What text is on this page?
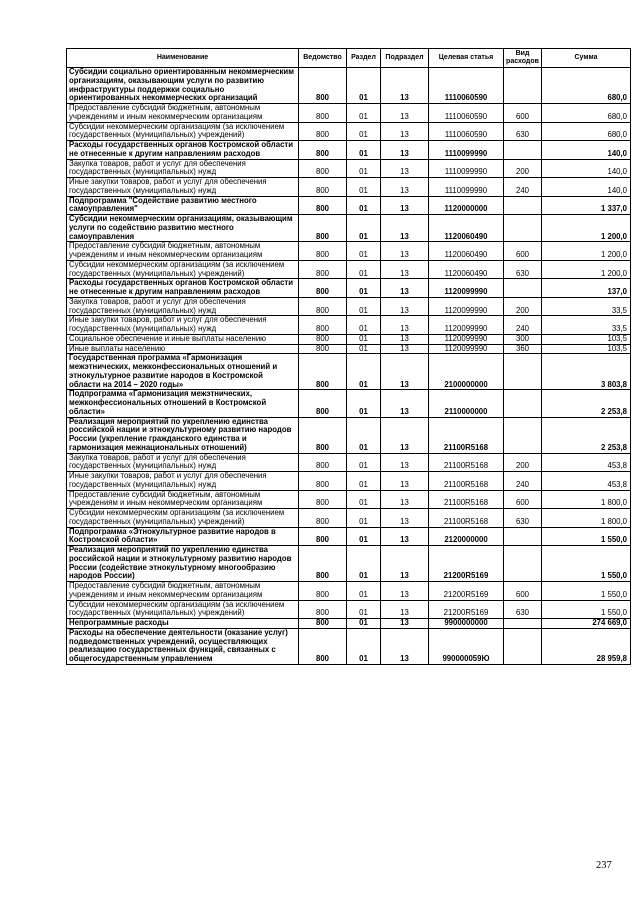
Наименование	Ведомство	Раздел	Подраздел	Целевая статья	Вид расходов	Сумма
Субсидии социально ориентированным некоммерческим организациям, оказывающим услуги по развитию инфраструктуры поддержки социально ориентированных некоммерческих организаций	800	01	13	1110060590		680,0
Предоставление субсидий бюджетным, автономным учреждениям и иным некоммерческим организациям	800	01	13	1110060590	600	680,0
Субсидии некоммерческим организациям (за исключением государственных (муниципальных) учреждений)	800	01	13	1110060590	630	680,0
Расходы государственных органов Костромской области не отнесенные к другим направлениям расходов	800	01	13	1110099990		140,0
Закупка товаров, работ и услуг для обеспечения государственных (муниципальных) нужд	800	01	13	1110099990	200	140,0
Иные закупки товаров, работ и услуг для обеспечения государственных (муниципальных) нужд	800	01	13	1110099990	240	140,0
Подпрограмма "Содействие развитию местного самоуправления"	800	01	13	1120000000		1 337,0
Субсидии некоммерческим организациям, оказывающим услуги по содействию развитию местного самоуправления	800	01	13	1120060490		1 200,0
Предоставление субсидий бюджетным, автономным учреждениям и иным некоммерческим организациям	800	01	13	1120060490	600	1 200,0
Субсидии некоммерческим организациям (за исключением государственных (муниципальных) учреждений)	800	01	13	1120060490	630	1 200,0
Расходы государственных органов Костромской области не отнесенные к другим направлениям расходов	800	01	13	1120099990		137,0
Закупка товаров, работ и услуг для обеспечения государственных (муниципальных) нужд	800	01	13	1120099990	200	33,5
Иные закупки товаров, работ и услуг для обеспечения государственных (муниципальных) нужд	800	01	13	1120099990	240	33,5
Социальное обеспечение и иные выплаты населению	800	01	13	1120099990	300	103,5
Иные выплаты населению	800	01	13	1120099990	360	103,5
Государственная программа «Гармонизация межэтнических, межконфессиональных отношений и этнокультурное развитие народов в Костромской области на 2014 – 2020 годы»	800	01	13	2100000000		3 803,8
Подпрограмма «Гармонизация межэтнических, межконфессиональных отношений в Костромской области»	800	01	13	2110000000		2 253,8
Реализация мероприятий по укреплению единства российской нации и этнокультурному развитию народов России (укрепление гражданского единства и гармонизация межнациональных отношений)	800	01	13	21100R5168		2 253,8
Закупка товаров, работ и услуг для обеспечения государственных (муниципальных) нужд	800	01	13	21100R5168	200	453,8
Иные закупки товаров, работ и услуг для обеспечения государственных (муниципальных) нужд	800	01	13	21100R5168	240	453,8
Предоставление субсидий бюджетным, автономным учреждениям и иным некоммерческим организациям	800	01	13	21100R5168	600	1 800,0
Субсидии некоммерческим организациям (за исключением государственных (муниципальных) учреждений)	800	01	13	21100R5168	630	1 800,0
Подпрограмма «Этнокультурное развитие народов в Костромской области»	800	01	13	2120000000		1 550,0
Реализация мероприятий по укреплению единства российской нации и этнокультурному развитию народов России (содействие этнокультурному многообразию народов России)	800	01	13	21200R5169		1 550,0
Предоставление субсидий бюджетным, автономным учреждениям и иным некоммерческим организациям	800	01	13	21200R5169	600	1 550,0
Субсидии некоммерческим организациям (за исключением государственных (муниципальных) учреждений)	800	01	13	21200R5169	630	1 550,0
Непрограммные расходы	800	01	13	9900000000		274 669,0
Расходы на обеспечение деятельности (оказание услуг) подведомственных учреждений, осуществляющих реализацию государственных функций, связанных с общегосударственным управлением	800	01	13	990000059Ю		28 959,8
237
